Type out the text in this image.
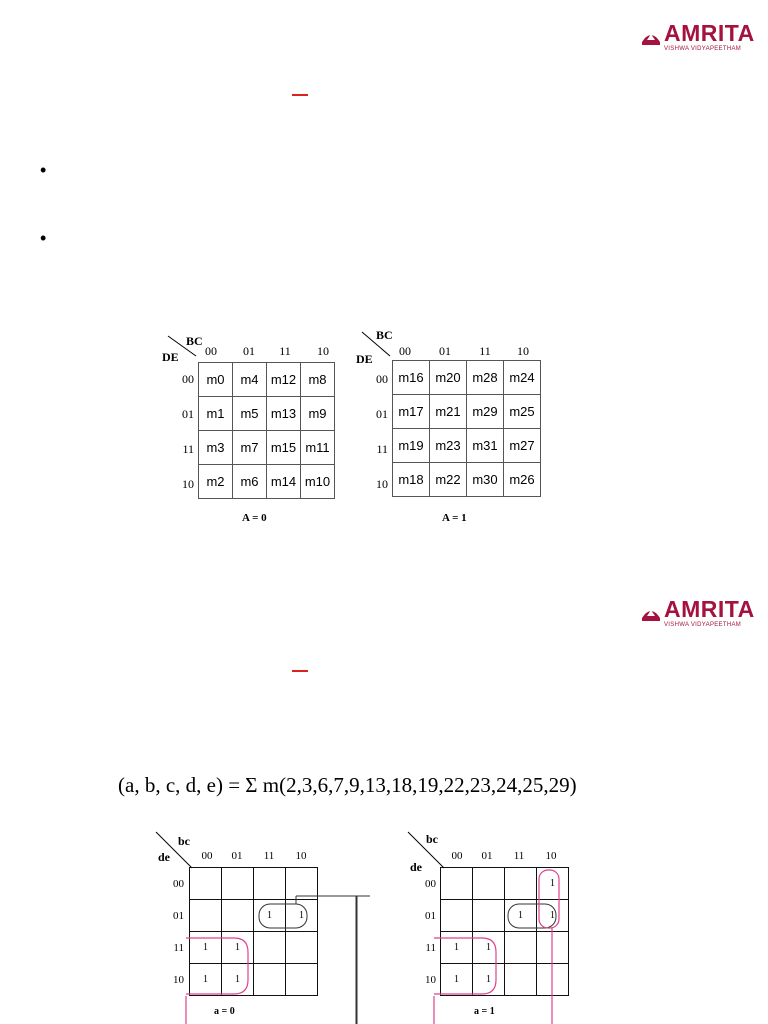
AMRITA
VISHWA VIDYAPEETHAM
•
•
BC
DE	00	01	11	10
00
01
11
10
m0	m4	m12	m8
m1	m5	m13	m9
m3	m7	m15	m11
m2	m6	m14	m10
A = 0
BC
DE
00	01	11	10
00
01
11
10
m16	m20	m28	m24
m17	m21	m29	m25
m19	m23	m31	m27
m18	m22	m30	m26
A = 1
AMRITA
VISHWA VIDYAPEETHAM
(a, b, c, d, e) = Σ m(2,3,6,7,9,13,18,19,22,23,24,25,29)
bc
de	00	01	11	10
00
01
11
10

		1	1
1	1		
1	1		
a = 0
bc
de
00	01	11	10
00
01
11
10
			1
		1	1
1	1		
1	1		
a = 1
